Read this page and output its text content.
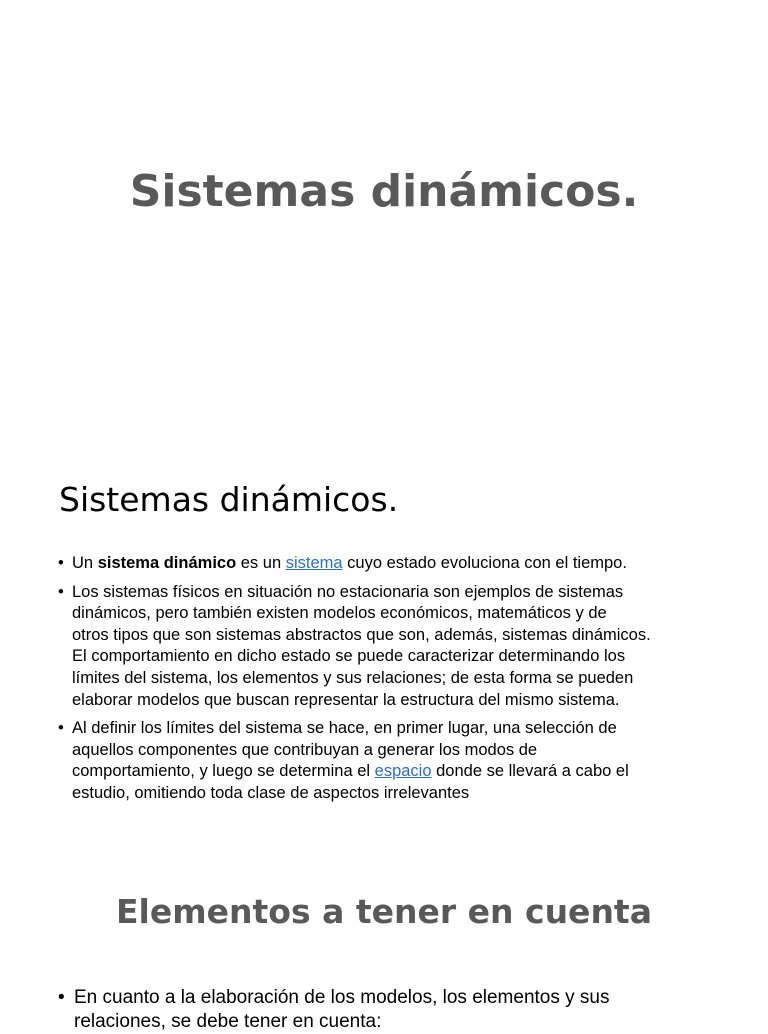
Sistemas dinámicos.
Sistemas dinámicos.
• Un sistema dinámico es un sistema cuyo estado evoluciona con el tiempo.
• Los sistemas físicos en situación no estacionaria son ejemplos de sistemas
dinámicos, pero también existen modelos económicos, matemáticos y de
otros tipos que son sistemas abstractos que son, además, sistemas dinámicos.
El comportamiento en dicho estado se puede caracterizar determinando los
límites del sistema, los elementos y sus relaciones; de esta forma se pueden
elaborar modelos que buscan representar la estructura del mismo sistema.
• Al definir los límites del sistema se hace, en primer lugar, una selección de
aquellos componentes que contribuyan a generar los modos de
comportamiento, y luego se determina el espacio donde se llevará a cabo el
estudio, omitiendo toda clase de aspectos irrelevantes
Elementos a tener en cuenta
• En cuanto a la elaboración de los modelos, los elementos y sus
relaciones, se debe tener en cuenta:
